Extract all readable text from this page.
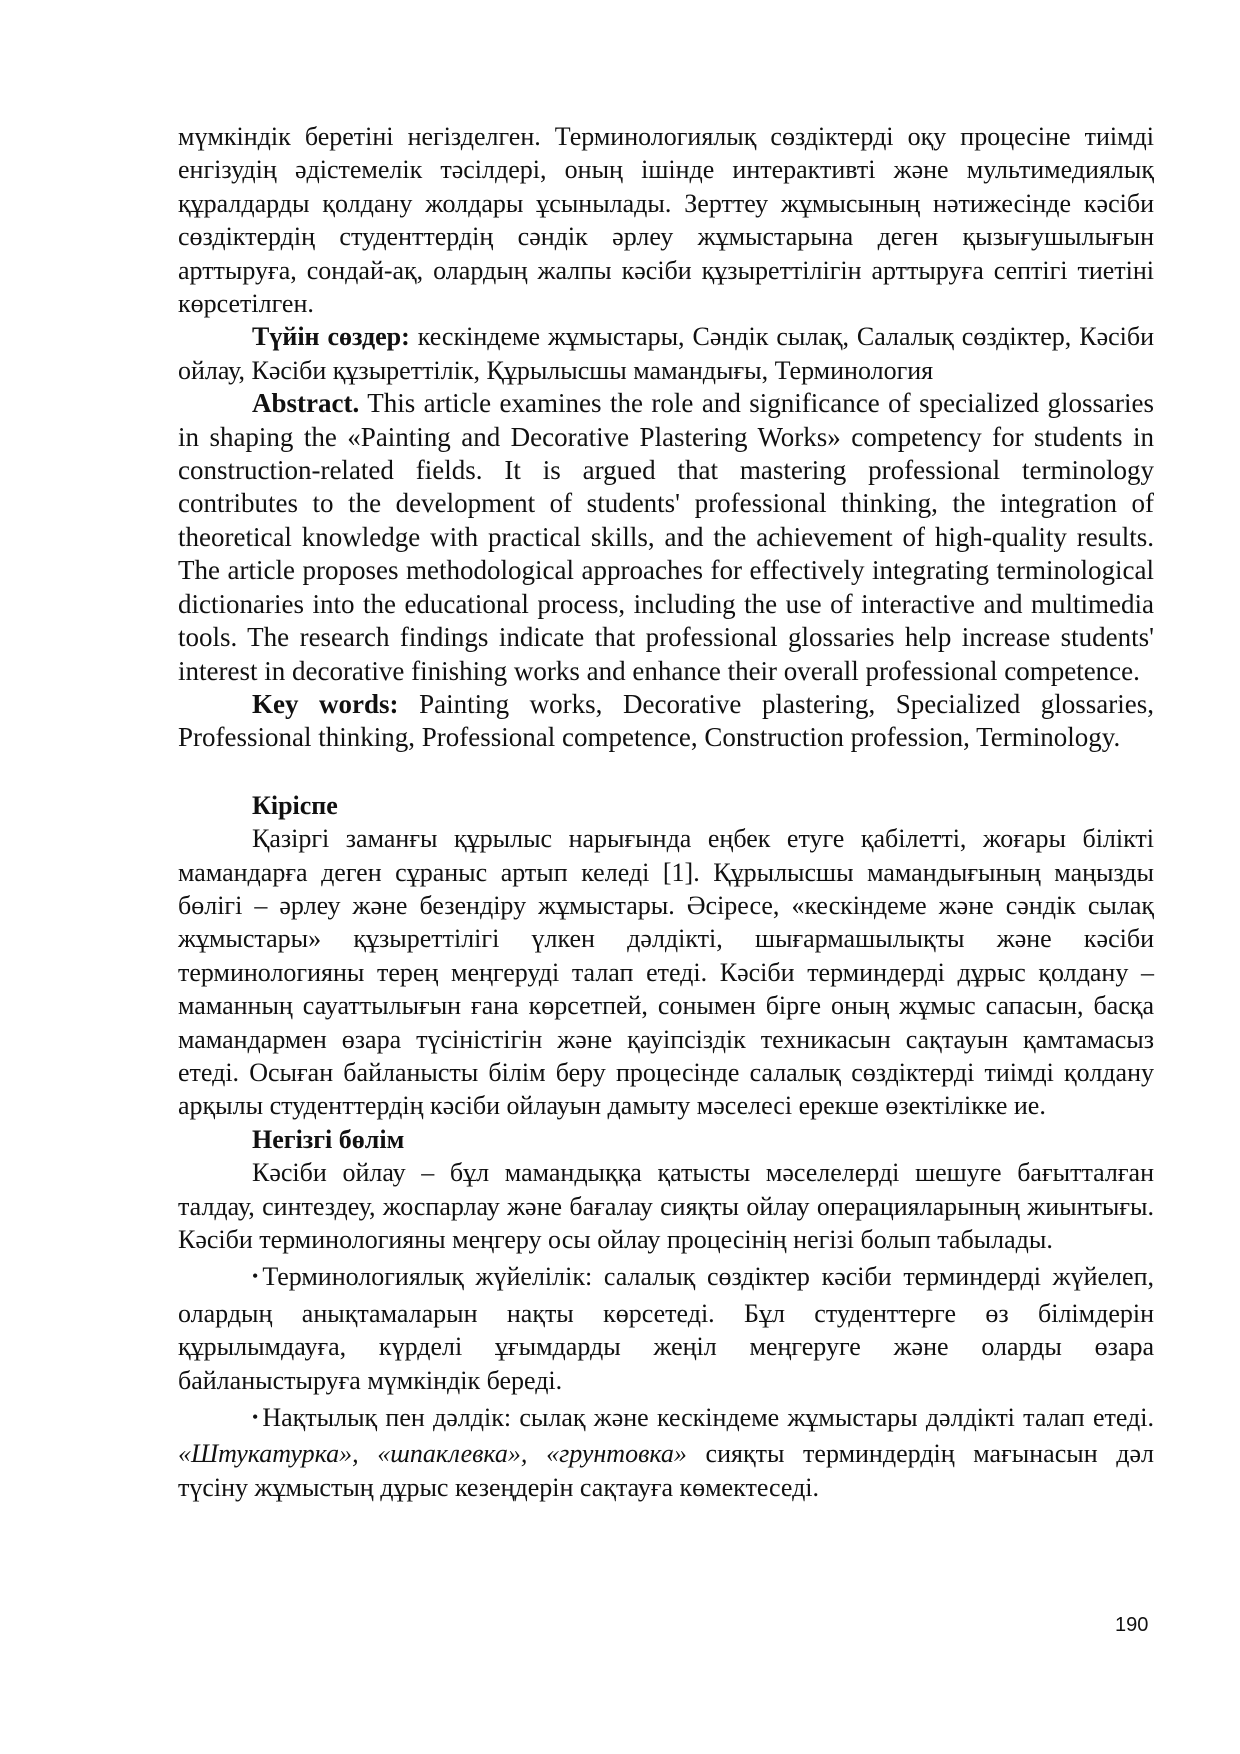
мүмкіндік беретіні негізделген. Терминологиялық сөздіктерді оқу процесіне тиімді енгізудің әдістемелік тәсілдері, оның ішінде интерактивті және мультимедиялық құралдарды қолдану жолдары ұсынылады. Зерттеу жұмысының нәтижесінде кәсіби сөздіктердің студенттердің сәндік әрлеу жұмыстарына деген қызығушылығын арттыруға, сондай-ақ, олардың жалпы кәсіби құзыреттілігін арттыруға септігі тиетіні көрсетілген.

Түйін сөздер: кескіндеме жұмыстары, Сәндік сылақ, Салалық сөздіктер, Кәсіби ойлау, Кәсіби құзыреттілік, Құрылысшы мамандығы, Терминология

Abstract. This article examines the role and significance of specialized glossaries in shaping the «Painting and Decorative Plastering Works» competency for students in construction-related fields. It is argued that mastering professional terminology contributes to the development of students' professional thinking, the integration of theoretical knowledge with practical skills, and the achievement of high-quality results. The article proposes methodological approaches for effectively integrating terminological dictionaries into the educational process, including the use of interactive and multimedia tools. The research findings indicate that professional glossaries help increase students' interest in decorative finishing works and enhance their overall professional competence.

Key words: Painting works, Decorative plastering, Specialized glossaries, Professional thinking, Professional competence, Construction profession, Terminology.

Кіріспе

Қазіргі заманғы құрылыс нарығында еңбек етуге қабілетті, жоғары білікті мамандарға деген сұраныс артып келеді [1]. Құрылысшы мамандығының маңызды бөлігі – әрлеу және безендіру жұмыстары. Әсіресе, «кескіндеме және сәндік сылақ жұмыстары» құзыреттілігі үлкен дәлдікті, шығармашылықты және кәсіби терминологияны терең меңгеруді талап етеді. Кәсіби терминдерді дұрыс қолдану – маманның сауаттылығын ғана көрсетпей, сонымен бірге оның жұмыс сапасын, басқа мамандармен өзара түсіністігін және қауіпсіздік техникасын сақтауын қамтамасыз етеді. Осыған байланысты білім беру процесінде салалық сөздіктерді тиімді қолдану арқылы студенттердің кәсіби ойлауын дамыту мәселесі ерекше өзектілікке ие.

Негізгі бөлім

Кәсіби ойлау – бұл мамандыққа қатысты мәселелерді шешуге бағытталған талдау, синтездеу, жоспарлау және бағалау сияқты ойлау операцияларының жиынтығы. Кәсіби терминологияны меңгеру осы ойлау процесінің негізі болып табылады.

• Терминологиялық жүйелілік: салалық сөздіктер кәсіби терминдерді жүйелеп, олардың анықтамаларын нақты көрсетеді. Бұл студенттерге өз білімдерін құрылымдауға, күрделі ұғымдарды жеңіл меңгеруге және оларды өзара байланыстыруға мүмкіндік береді.

• Нақтылық пен дәлдік: сылақ және кескіндеме жұмыстары дәлдікті талап етеді. «Штукатурка», «шпаклевка», «грунтовка» сияқты терминдердің мағынасын дәл түсіну жұмыстың дұрыс кезеңдерін сақтауға көмектеседі.

190
